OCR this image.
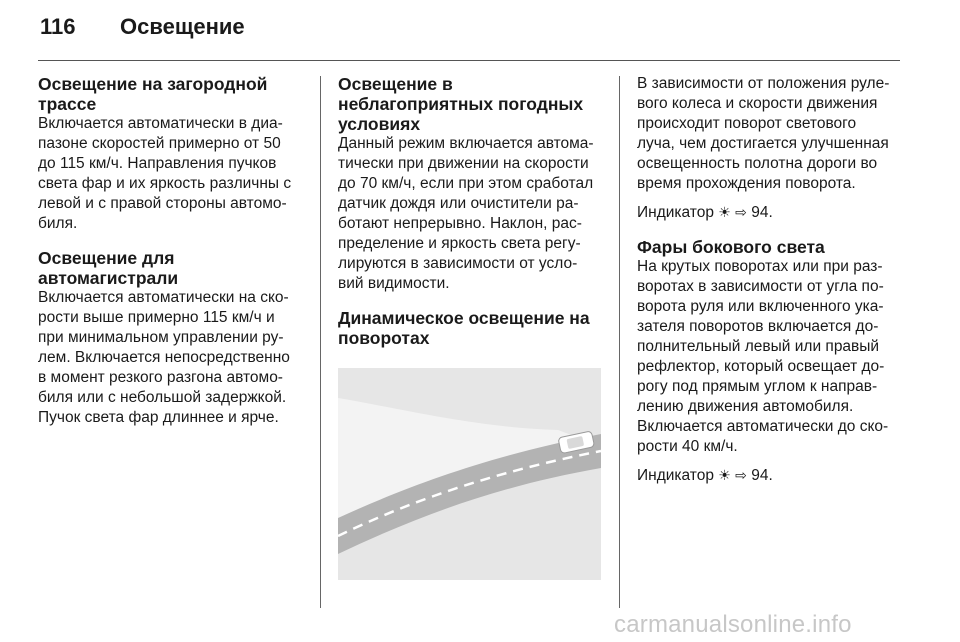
116	Освещение
Освещение на загородной
трассе

Включается автоматически в диа-
пазоне скоростей примерно от 50
до 115 км/ч. Направления пучков
света фар и их яркость различны с
левой и с правой стороны автомо-
биля.

Освещение для
автомагистрали

Включается автоматически на ско-
рости выше примерно 115 км/ч и
при минимальном управлении ру-
лем. Включается непосредственно
в момент резкого разгона автомо-
биля или с небольшой задержкой.
Пучок света фар длиннее и ярче.

Освещение в
неблагоприятных погодных
условиях

Данный режим включается автома-
тически при движении на скорости
до 70 км/ч, если при этом сработал
датчик дождя или очистители ра-
ботают непрерывно. Наклон, рас-
пределение и яркость света регу-
лируются в зависимости от усло-
вий видимости.

Динамическое освещение на
поворотах

В зависимости от положения руле-
вого колеса и скорости движения
происходит поворот светового
луча, чем достигается улучшенная
освещенность полотна дороги во
время прохождения поворота.

Индикатор ☀ ⇨ 94.

Фары бокового света

На крутых поворотах или при раз-
воротах в зависимости от угла по-
ворота руля или включенного ука-
зателя поворотов включается до-
полнительный левый или правый
рефлектор, который освещает до-
рогу под прямым углом к направ-
лению движения автомобиля.
Включается автоматически до ско-
рости 40 км/ч.

Индикатор ☀ ⇨ 94.

carmanualsonline.info
